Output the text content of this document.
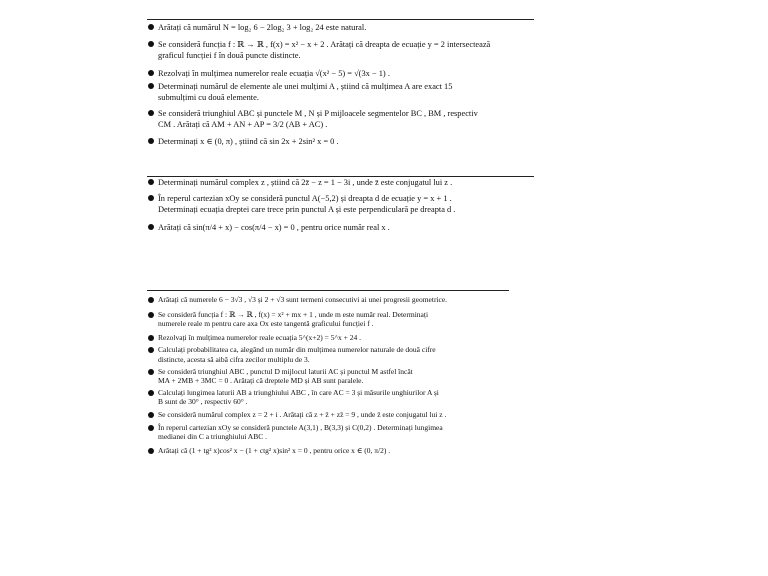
Arătați că numărul N = log₂ 6 − 2log₂ 3 + log₂ 24 este natural.
Se consideră funcția f : ℝ → ℝ , f(x) = x² − x + 2 . Arătați că dreapta de ecuație y = 2 intersectează
graficul funcției f în două puncte distincte.
Rezolvați în mulțimea numerelor reale ecuația √(x² − 5) = √(3x − 1) .
Determinați numărul de elemente ale unei mulțimi A , știind că mulțimea A are exact 15
submulțimi cu două elemente.
Se consideră triunghiul ABC și punctele M , N și P mijloacele segmentelor BC , BM , respectiv
CM . Arătați că AM + AN + AP = 3/2 (AB + AC) .
Determinați x ∈ (0, π) , știind că sin 2x + 2sin² x = 0 .
Determinați numărul complex z , știind că 2z̄ − z = 1 − 3i , unde z̄ este conjugatul lui z .
În reperul cartezian xOy se consideră punctul A(−5,2) și dreapta d de ecuație y = x + 1 .
Determinați ecuația dreptei care trece prin punctul A și este perpendiculară pe dreapta d .
Arătați că sin(π/4 + x) − cos(π/4 − x) = 0 , pentru orice număr real x .
Arătați că numerele 6 − 3√3 , √3 și 2 + √3 sunt termeni consecutivi ai unei progresii geometrice.
Se consideră funcția f : ℝ → ℝ , f(x) = x² + mx + 1 , unde m este număr real. Determinați
numerele reale m pentru care axa Ox este tangentă graficului funcției f .
Rezolvați în mulțimea numerelor reale ecuația 5^(x+2) = 5^x + 24 .
Calculați probabilitatea ca, alegând un număr din mulțimea numerelor naturale de două cifre
distincte, acesta să aibă cifra zecilor multiplu de 3.
Se consideră triunghiul ABC , punctul D mijlocul laturii AC și punctul M astfel încât
MA + 2MB + 3MC = 0 . Arătați că dreptele MD și AB sunt paralele.
Calculați lungimea laturii AB a triunghiului ABC , în care AC = 3 și măsurile unghiurilor A și
B sunt de 30° , respectiv 60° .
Se consideră numărul complex z = 2 + i . Arătați că z + z̄ + zz̄ = 9 , unde z̄ este conjugatul lui z .
În reperul cartezian xOy se consideră punctele A(3,1) , B(3,3) și C(0,2) . Determinați lungimea
medianei din C a triunghiului ABC .
Arătați că (1 + tg² x)cos² x − (1 + ctg² x)sin² x = 0 , pentru orice x ∈ (0, π/2) .
